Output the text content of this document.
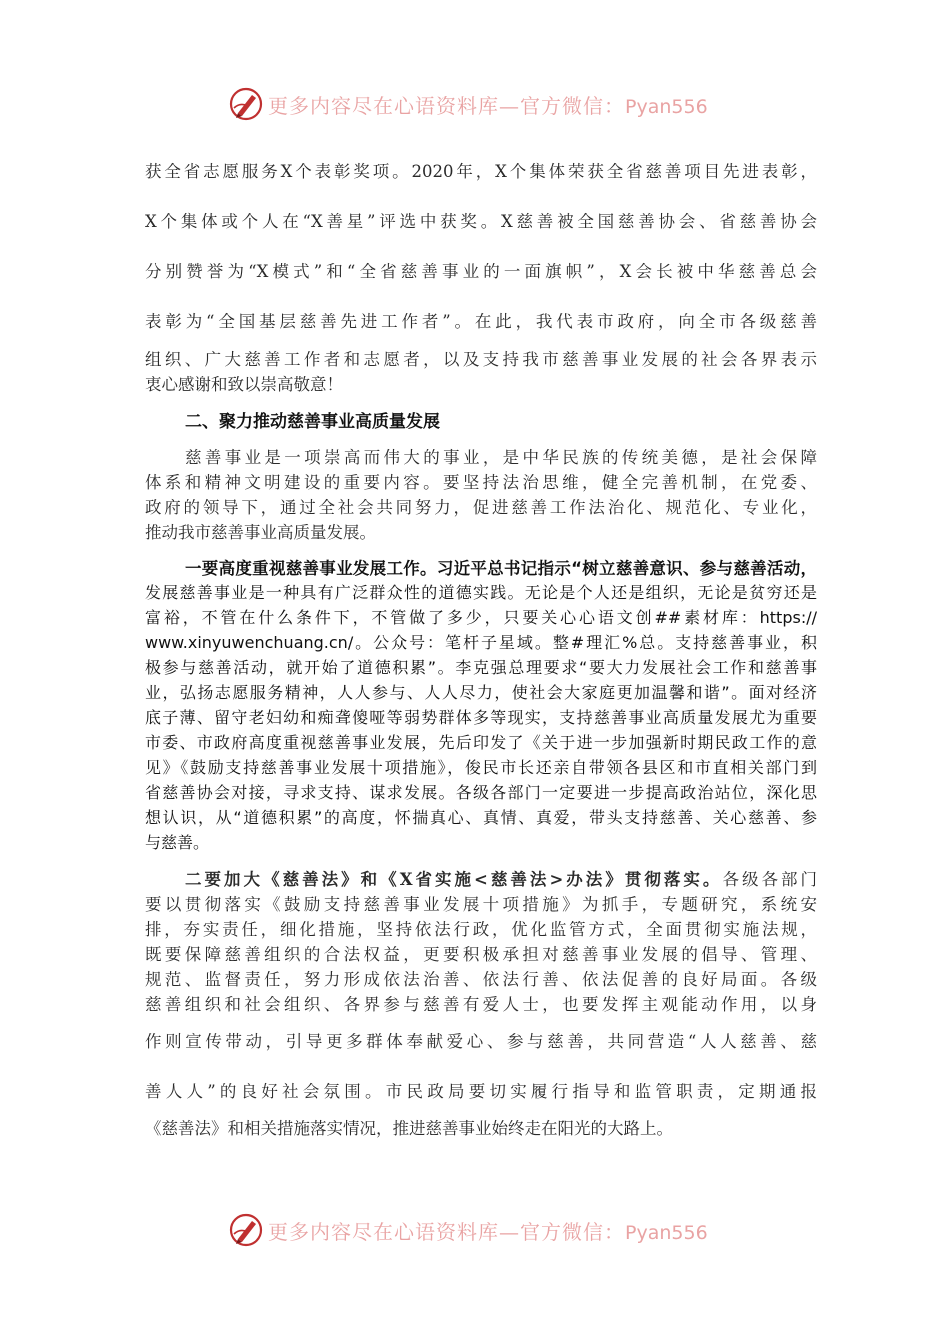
更多内容尽在心语资料库—官方微信：Pyan556
获全省志愿服务X个表彰奖项。2020年，X个集体荣获全省慈善项目先进表彰，
X个集体或个人在“X善星”评选中获奖。X慈善被全国慈善协会、省慈善协会
分别赞誉为“X模式”和“全省慈善事业的一面旗帜”，X会长被中华慈善总会
表彰为“全国基层慈善先进工作者”。在此，我代表市政府，向全市各级慈善
组织、广大慈善工作者和志愿者，以及支持我市慈善事业发展的社会各界表示
衷心感谢和致以崇高敬意！
二、聚力推动慈善事业高质量发展
慈善事业是一项崇高而伟大的事业，是中华民族的传统美德，是社会保障
体系和精神文明建设的重要内容。要坚持法治思维，健全完善机制，在党委、
政府的领导下，通过全社会共同努力，促进慈善工作法治化、规范化、专业化，
推动我市慈善事业高质量发展。
一要高度重视慈善事业发展工作。习近平总书记指示“树立慈善意识、参与慈善活动，
发展慈善事业是一种具有广泛群众性的道德实践。无论是个人还是组织，无论是贫穷还是
富裕，不管在什么条件下，不管做了多少，只要关心心语文创##素材库：https://
www.xinyuwenchuang.cn/。公众号：笔杆子星域。整#理汇%总。支持慈善事业，积
极参与慈善活动，就开始了道德积累”。李克强总理要求“要大力发展社会工作和慈善事
业，弘扬志愿服务精神，人人参与、人人尽力，使社会大家庭更加温馨和谐”。面对经济
底子薄、留守老妇幼和痴聋傻哑等弱势群体多等现实，支持慈善事业高质量发展尤为重要
市委、市政府高度重视慈善事业发展，先后印发了《关于进一步加强新时期民政工作的意
见》《鼓励支持慈善事业发展十项措施》，俊民市长还亲自带领各县区和市直相关部门到
省慈善协会对接，寻求支持、谋求发展。各级各部门一定要进一步提高政治站位，深化思
想认识，从“道德积累”的高度，怀揣真心、真情、真爱，带头支持慈善、关心慈善、参
与慈善。
二要加大《慈善法》和《X省实施<慈善法>办法》贯彻落实。各级各部门
要以贯彻落实《鼓励支持慈善事业发展十项措施》为抓手，专题研究，系统安
排，夯实责任，细化措施，坚持依法行政，优化监管方式，全面贯彻实施法规，
既要保障慈善组织的合法权益，更要积极承担对慈善事业发展的倡导、管理、
规范、监督责任，努力形成依法治善、依法行善、依法促善的良好局面。各级
慈善组织和社会组织、各界参与慈善有爱人士，也要发挥主观能动作用，以身
作则宣传带动，引导更多群体奉献爱心、参与慈善，共同营造“人人慈善、慈
善人人”的良好社会氛围。市民政局要切实履行指导和监管职责，定期通报
《慈善法》和相关措施落实情况，推进慈善事业始终走在阳光的大路上。
更多内容尽在心语资料库—官方微信：Pyan556
